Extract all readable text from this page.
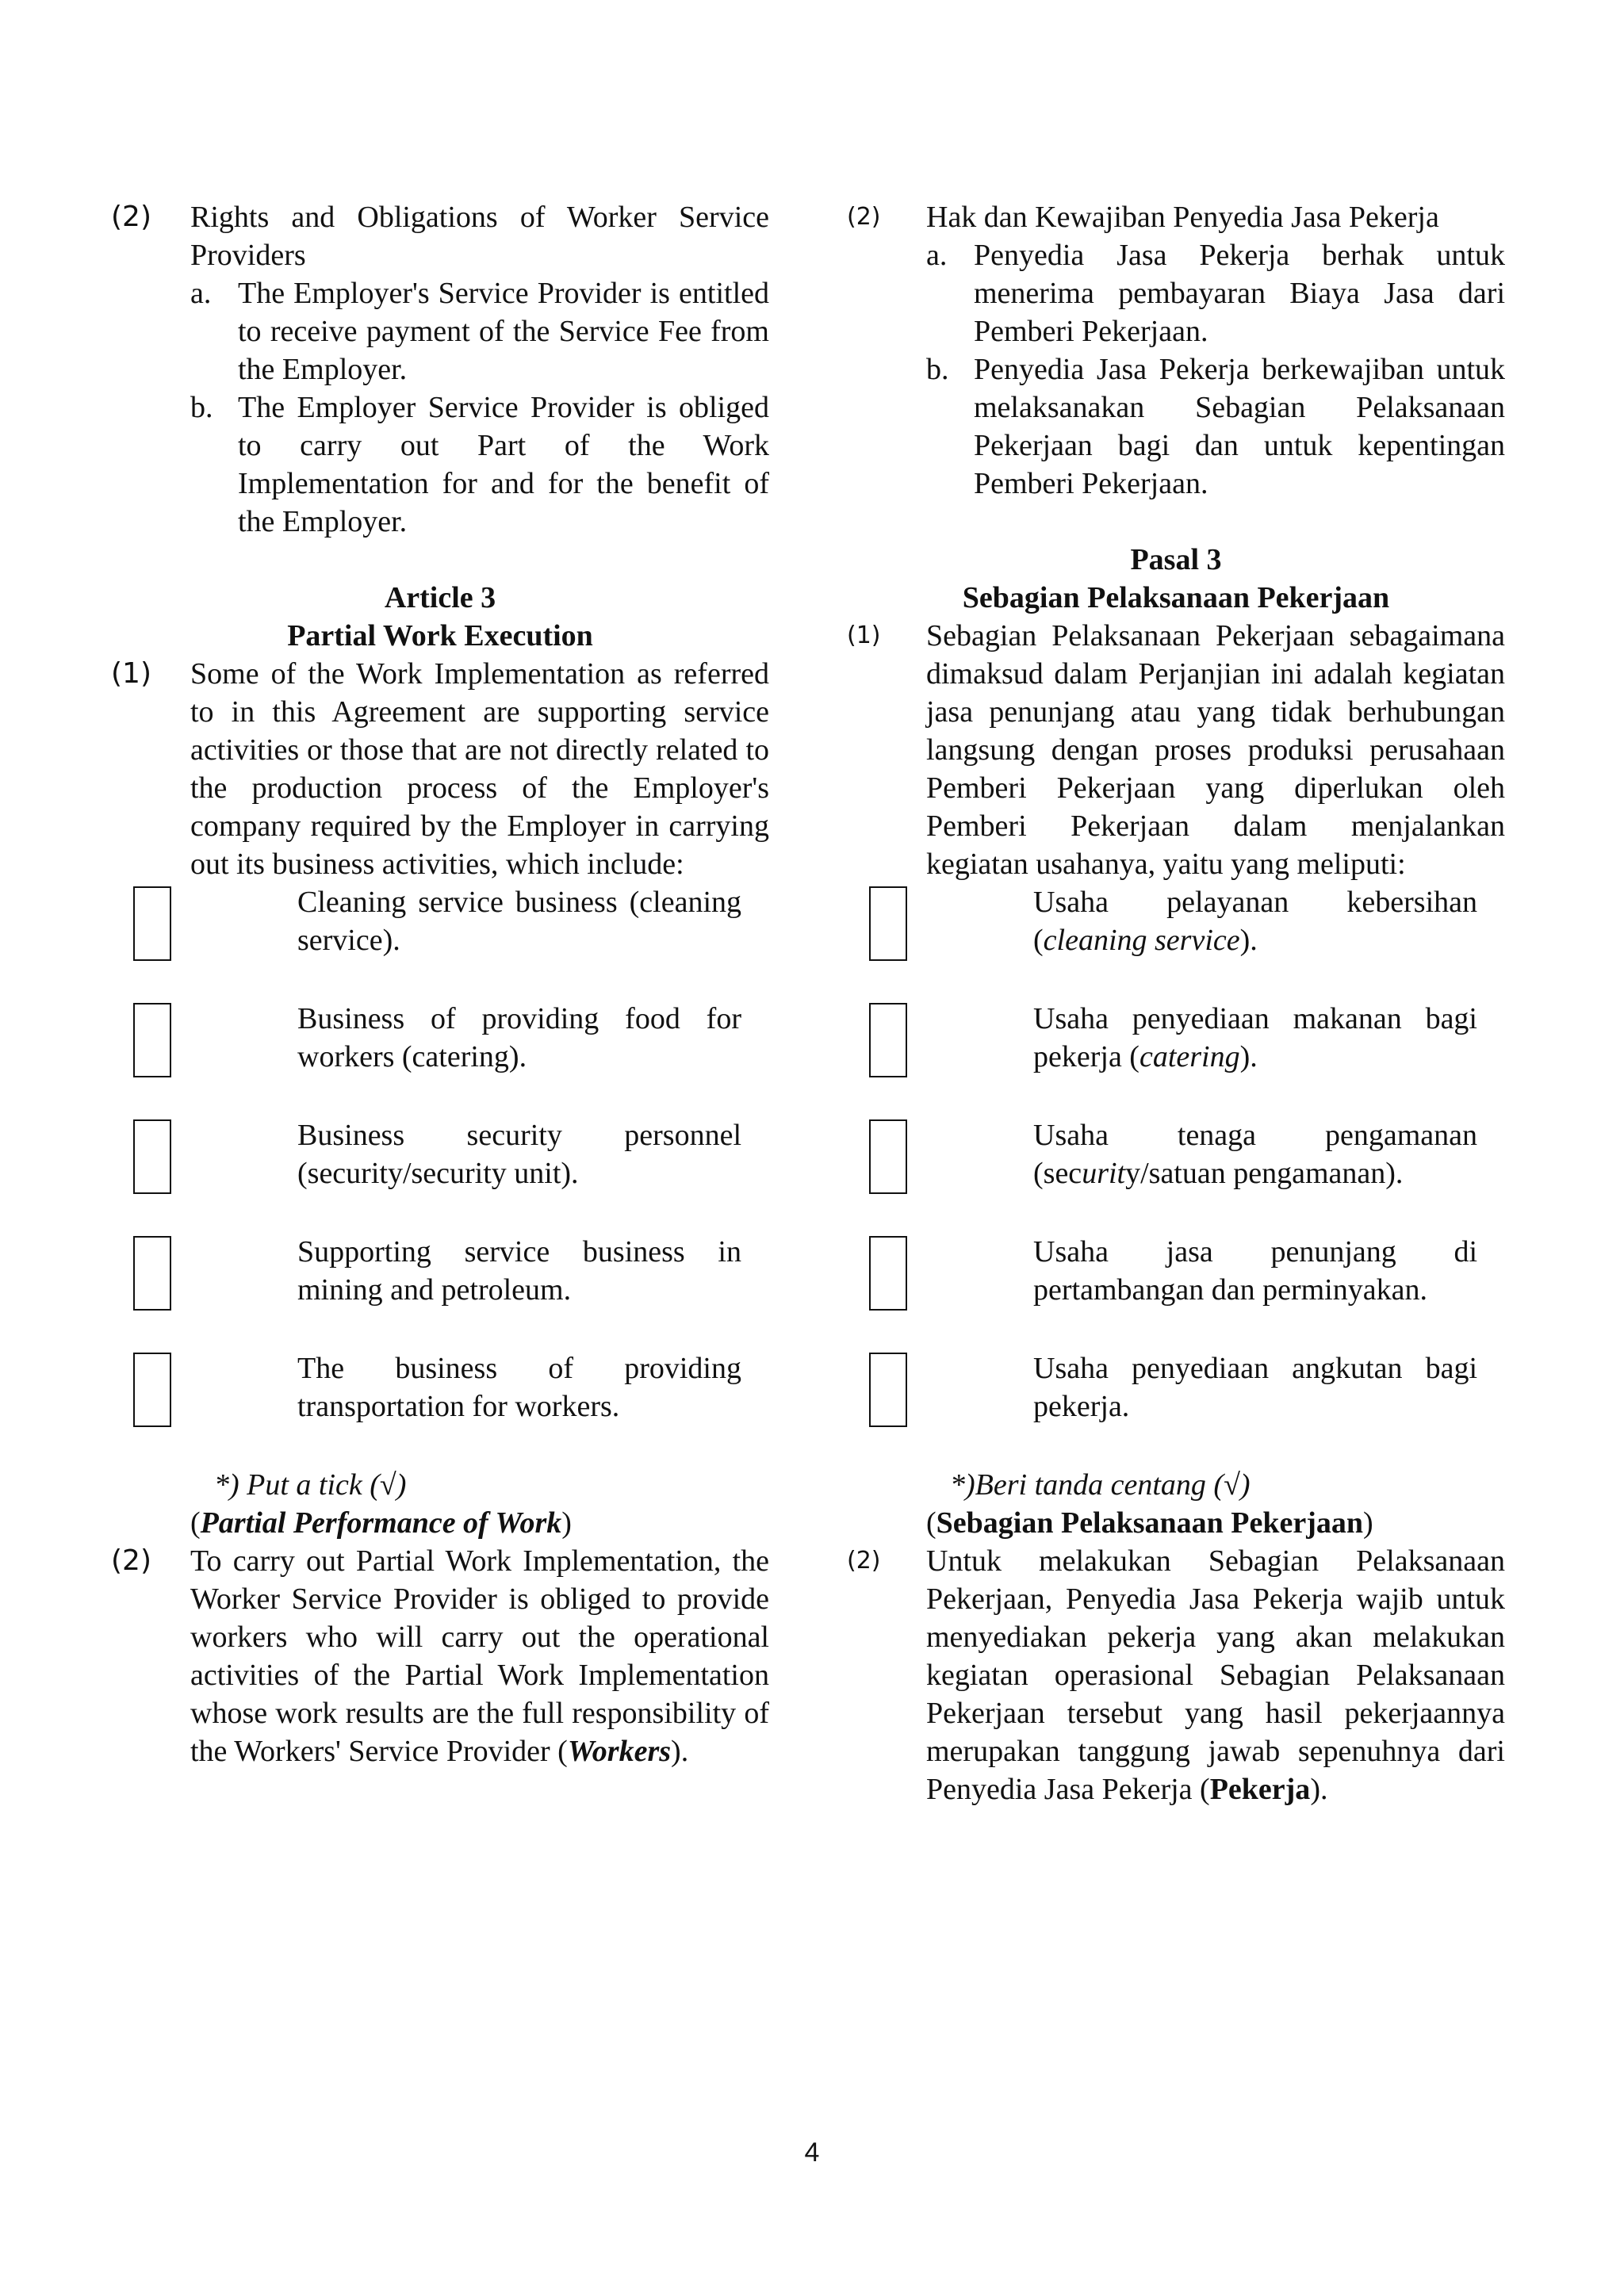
(2) Rights and Obligations of Worker Service Providers
a. The Employer's Service Provider is entitled to receive payment of the Service Fee from the Employer.
b. The Employer Service Provider is obliged to carry out Part of the Work Implementation for and for the benefit of the Employer.
Article 3
Partial Work Execution
(1) Some of the Work Implementation as referred to in this Agreement are supporting service activities or those that are not directly related to the production process of the Employer's company required by the Employer in carrying out its business activities, which include:
Cleaning service business (cleaning service).
Business of providing food for workers (catering).
Business security personnel (security/security unit).
Supporting service business in mining and petroleum.
The business of providing transportation for workers.
*) Put a tick (√)
(Partial Performance of Work)
(2) To carry out Partial Work Implementation, the Worker Service Provider is obliged to provide workers who will carry out the operational activities of the Partial Work Implementation whose work results are the full responsibility of the Workers' Service Provider (Workers).
(2) Hak dan Kewajiban Penyedia Jasa Pekerja
a. Penyedia Jasa Pekerja berhak untuk menerima pembayaran Biaya Jasa dari Pemberi Pekerjaan.
b. Penyedia Jasa Pekerja berkewajiban untuk melaksanakan Sebagian Pelaksanaan Pekerjaan bagi dan untuk kepentingan Pemberi Pekerjaan.
Pasal 3
Sebagian Pelaksanaan Pekerjaan
(1) Sebagian Pelaksanaan Pekerjaan sebagaimana dimaksud dalam Perjanjian ini adalah kegiatan jasa penunjang atau yang tidak berhubungan langsung dengan proses produksi perusahaan Pemberi Pekerjaan yang diperlukan oleh Pemberi Pekerjaan dalam menjalankan kegiatan usahanya, yaitu yang meliputi:
Usaha pelayanan kebersihan (cleaning service).
Usaha penyediaan makanan bagi pekerja (catering).
Usaha tenaga pengamanan (security/satuan pengamanan).
Usaha jasa penunjang di pertambangan dan perminyakan.
Usaha penyediaan angkutan bagi pekerja.
*)Beri tanda centang (√)
(Sebagian Pelaksanaan Pekerjaan)
(2) Untuk melakukan Sebagian Pelaksanaan Pekerjaan, Penyedia Jasa Pekerja wajib untuk menyediakan pekerja yang akan melakukan kegiatan operasional Sebagian Pelaksanaan Pekerjaan tersebut yang hasil pekerjaannya merupakan tanggung jawab sepenuhnya dari Penyedia Jasa Pekerja (Pekerja).
4
